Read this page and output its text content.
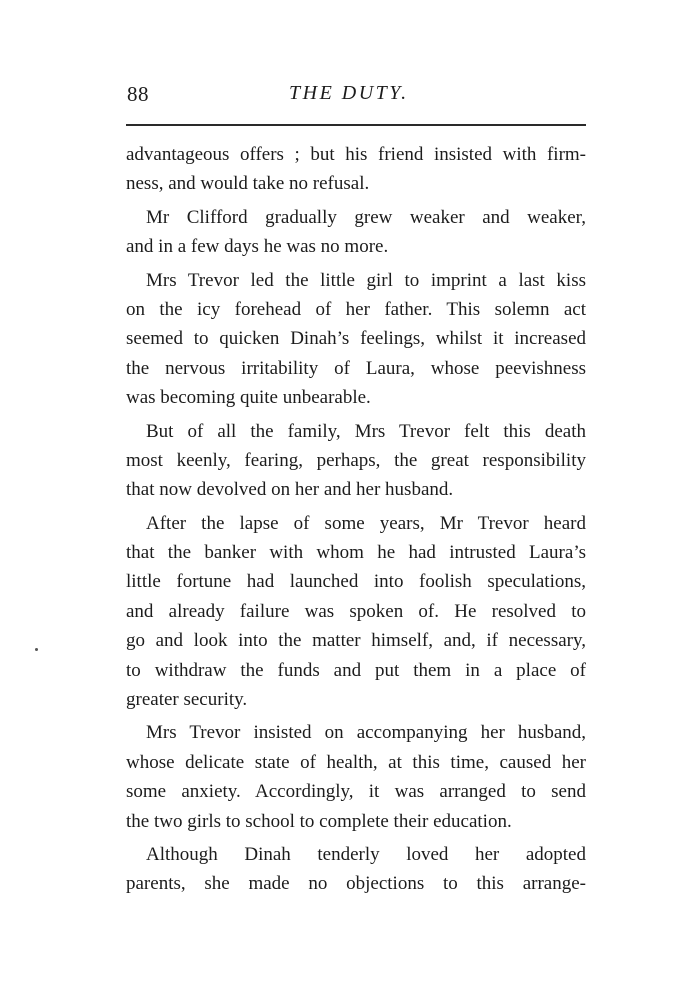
88	THE DUTY.
advantageous offers ; but his friend insisted with firm-
ness, and would take no refusal.
Mr Clifford gradually grew weaker and weaker,
and in a few days he was no more.
Mrs Trevor led the little girl to imprint a last kiss
on the icy forehead of her father. This solemn act
seemed to quicken Dinah’s feelings, whilst it increased
the nervous irritability of Laura, whose peevishness
was becoming quite unbearable.
But of all the family, Mrs Trevor felt this death
most keenly, fearing, perhaps, the great responsibility
that now devolved on her and her husband.
After the lapse of some years, Mr Trevor heard
that the banker with whom he had intrusted Laura’s
little fortune had launched into foolish speculations,
and already failure was spoken of. He resolved to
go and look into the matter himself, and, if necessary,
to withdraw the funds and put them in a place of
greater security.
Mrs Trevor insisted on accompanying her husband,
whose delicate state of health, at this time, caused her
some anxiety. Accordingly, it was arranged to send
the two girls to school to complete their education.
Although Dinah tenderly loved her adopted
parents, she made no objections to this arrange-
